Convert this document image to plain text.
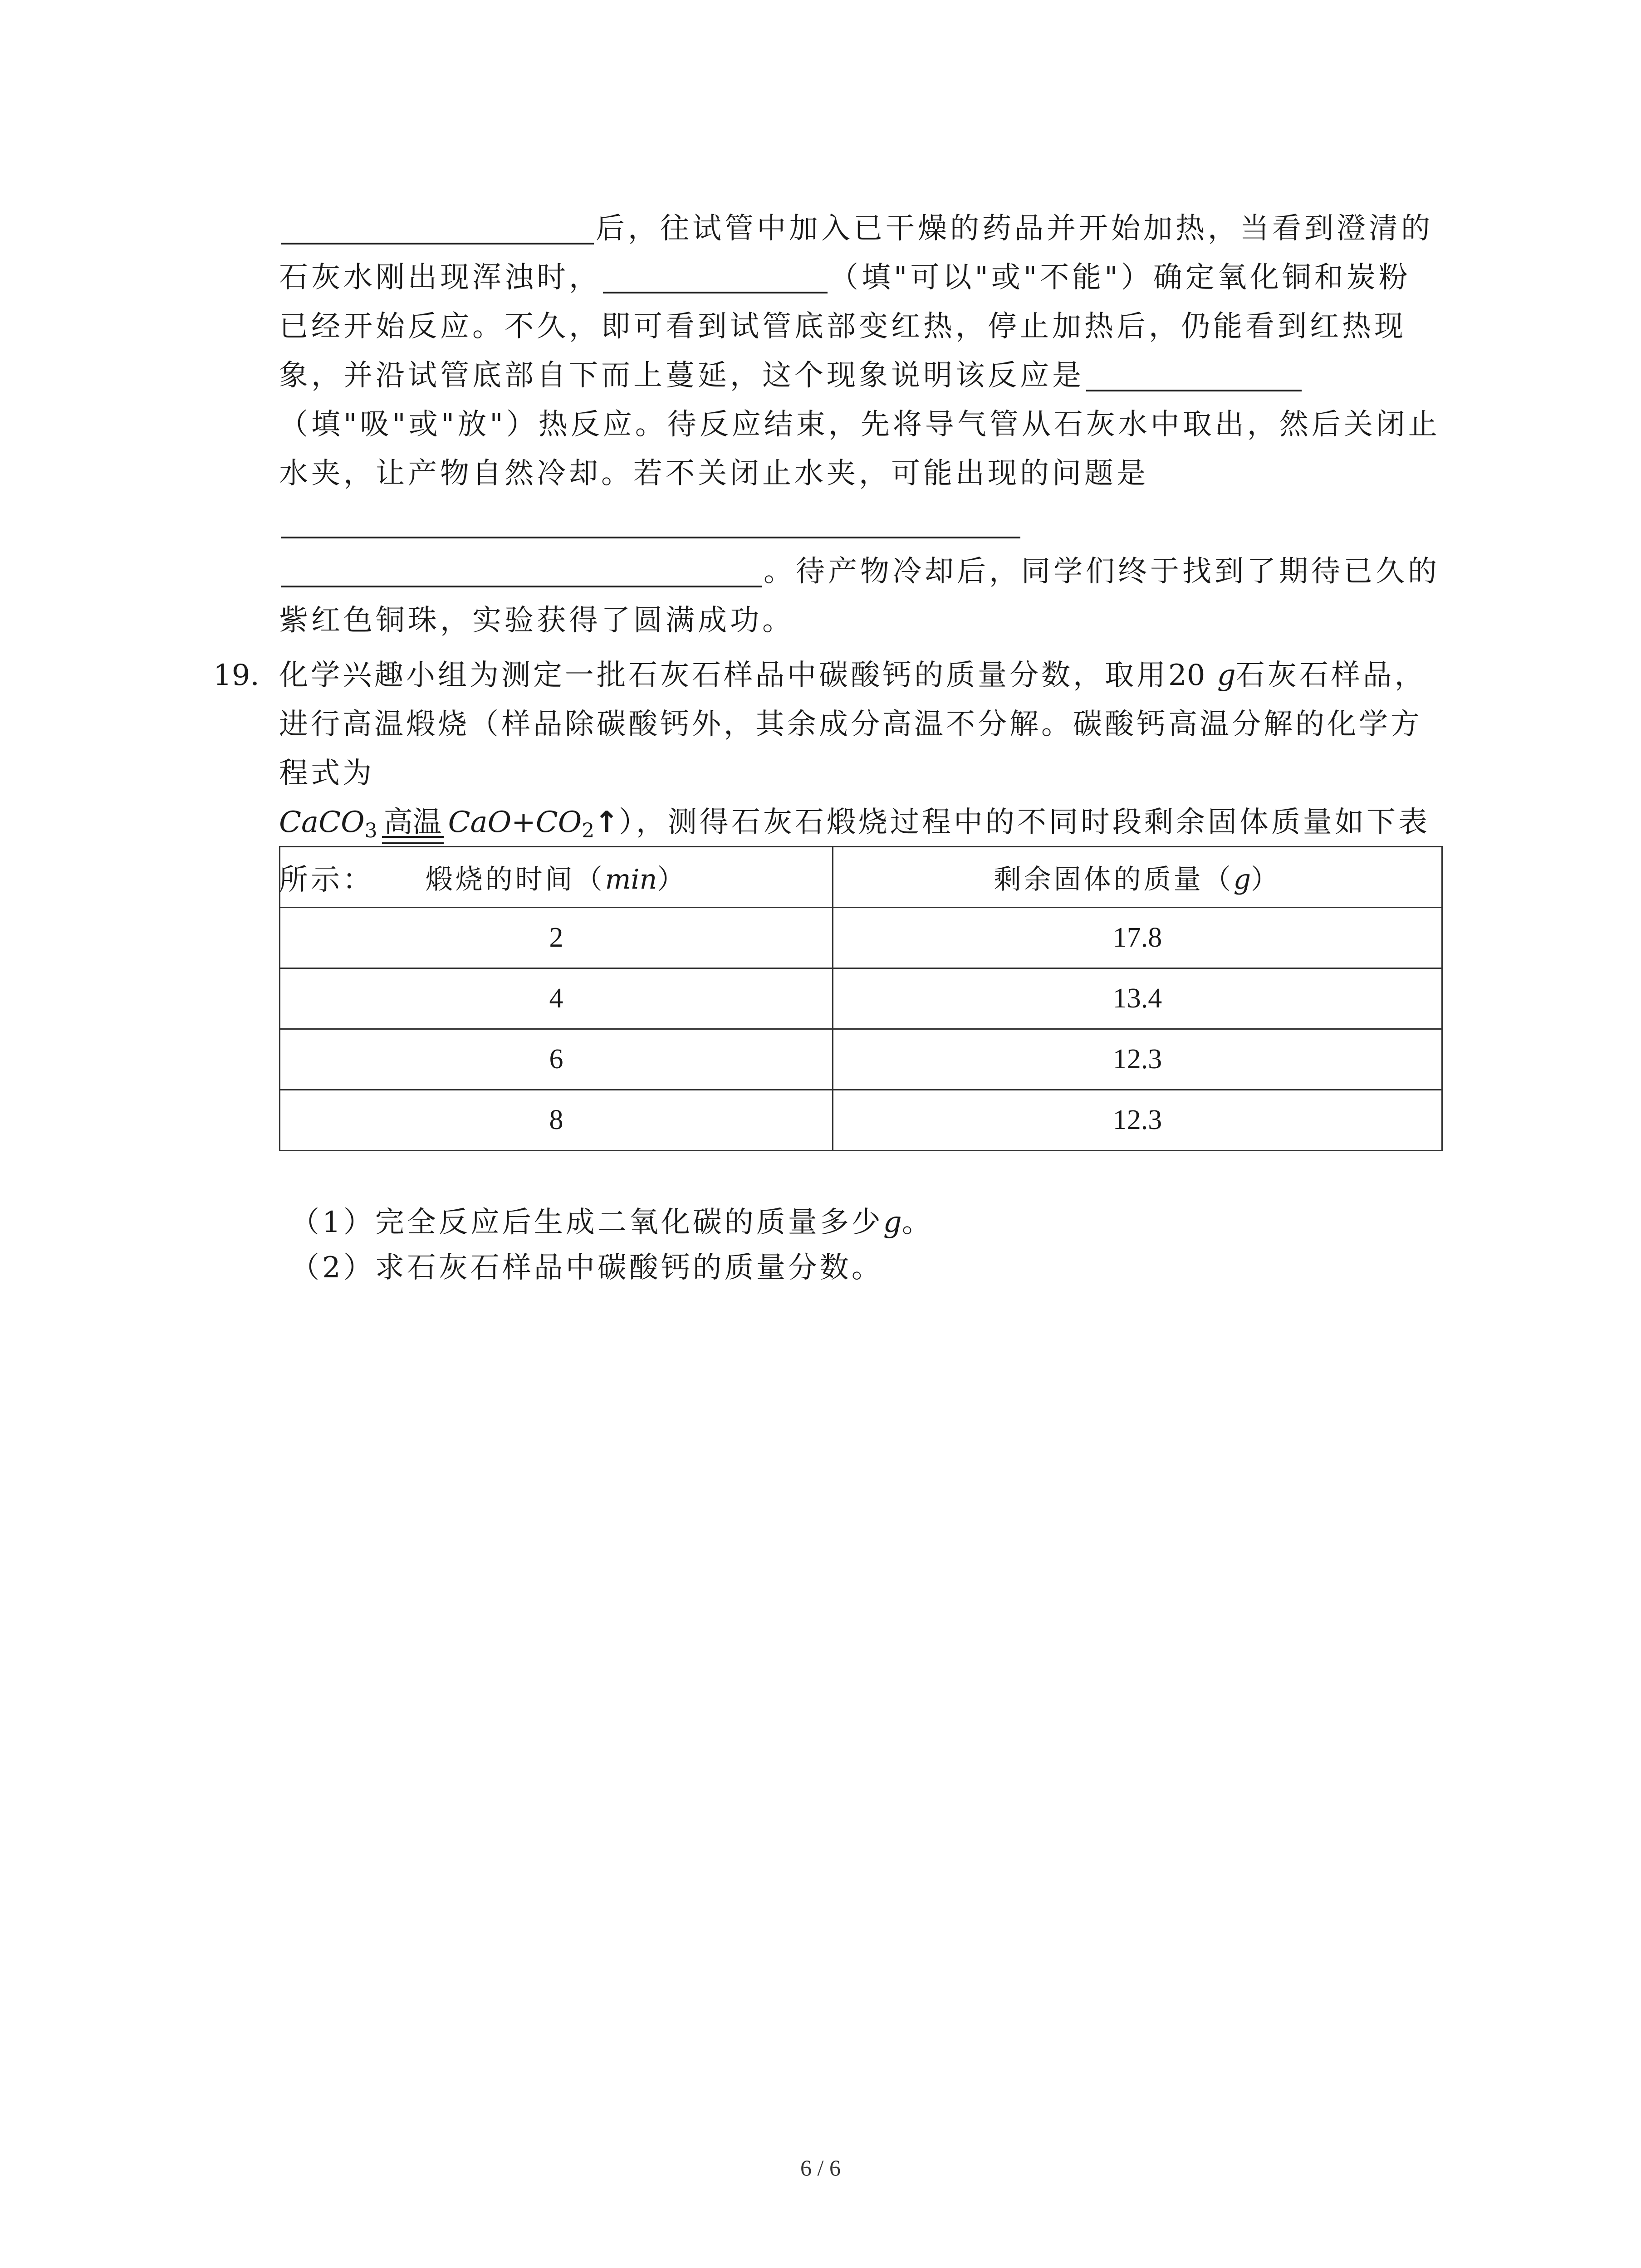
后，往试管中加入已干燥的药品并开始加热，当看到澄清的石灰水刚出现浑浊时，	（填"可以"或"不能"）确定氧化铜和炭粉已经开始反应。不久，即可看到试管底部变红热，停止加热后，仍能看到红热现象，并沿试管底部自下而上蔓延，这个现象说明该反应是（填"吸"或"放"）热反应。待反应结束，先将导气管从石灰水中取出，然后关闭止水夹，让产物自然冷却。若不关闭止水夹，可能出现的问题是。待产物冷却后，同学们终于找到了期待已久的紫红色铜珠，实验获得了圆满成功。
19. 化学兴趣小组为测定一批石灰石样品中碳酸钙的质量分数，取用20 g石灰石样品，进行高温煅烧（样品除碳酸钙外，其余成分高温不分解。碳酸钙高温分解的化学方程式为
CaCO$_3$ 高温 $CaO+CO_2↑$），测得石灰石煅烧过程中的不同时段剩余固体质量如下表所示：	煅烧的时间（min）	剩余固体的质量（g）
2	17.8
4	13.4
6	12.3
8	12.3
（1）完全反应后生成二氧化碳的质量多少g。
（2）求石灰石样品中碳酸钙的质量分数。
6 / 6
